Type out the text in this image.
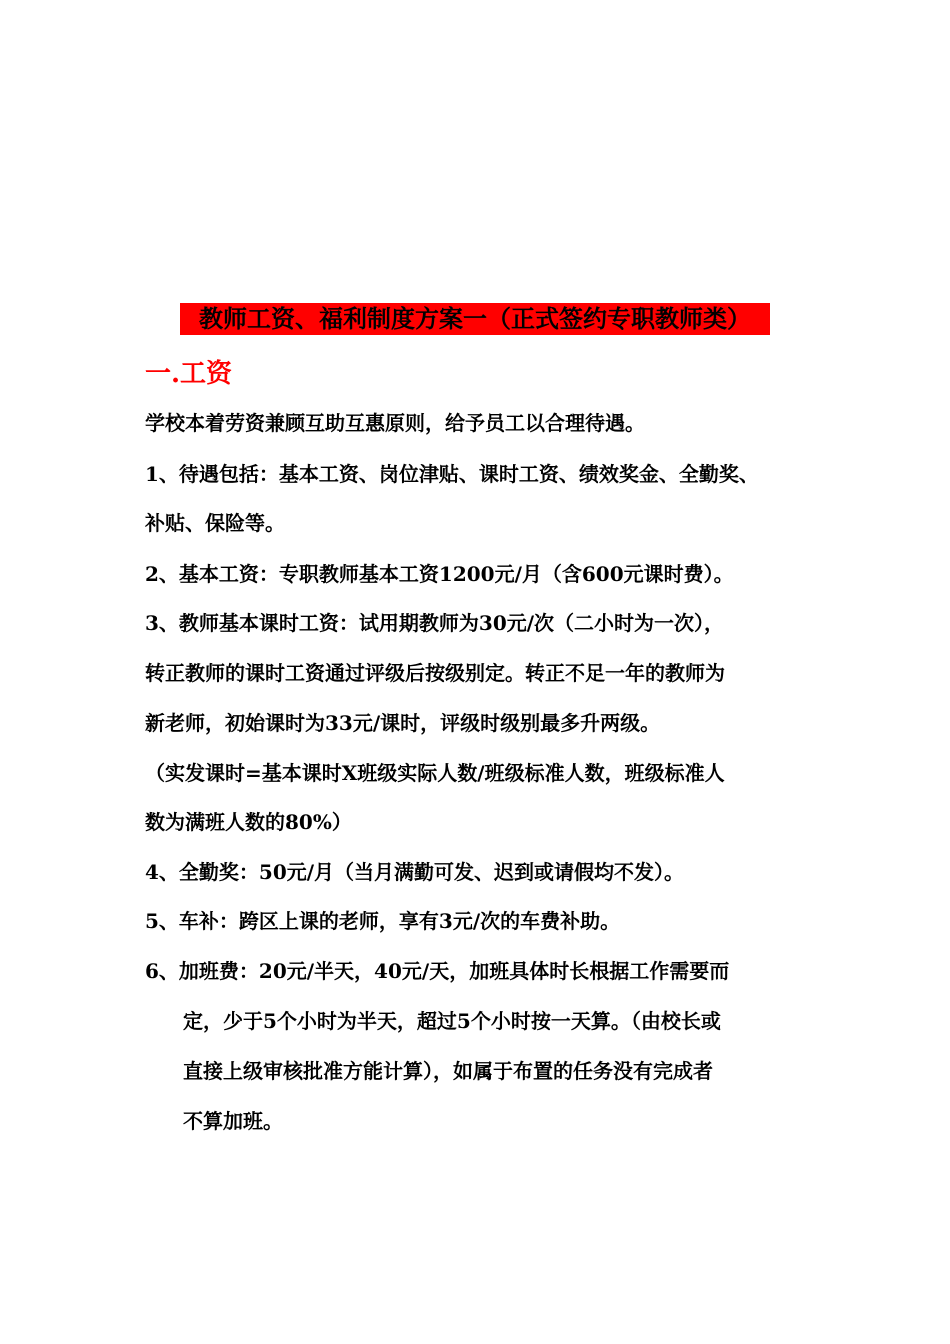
教师工资、福利制度方案一（正式签约专职教师类）
一.工资
学校本着劳资兼顾互助互惠原则，给予员工以合理待遇。
1、待遇包括：基本工资、岗位津贴、课时工资、绩效奖金、全勤奖、
补贴、保险等。
2、基本工资：专职教师基本工资1200元/月（含600元课时费）。
3、教师基本课时工资：试用期教师为30元/次（二小时为一次），
转正教师的课时工资通过评级后按级别定。转正不足一年的教师为
新老师，初始课时为33元/课时，评级时级别最多升两级。
（实发课时=基本课时X班级实际人数/班级标准人数，班级标准人
数为满班人数的80%）
4、全勤奖：50元/月（当月满勤可发、迟到或请假均不发）。
5、车补：跨区上课的老师，享有3元/次的车费补助。
6、加班费：20元/半天，40元/天，加班具体时长根据工作需要而
定，少于5个小时为半天，超过5个小时按一天算。（由校长或
直接上级审核批准方能计算），如属于布置的任务没有完成者
不算加班。
